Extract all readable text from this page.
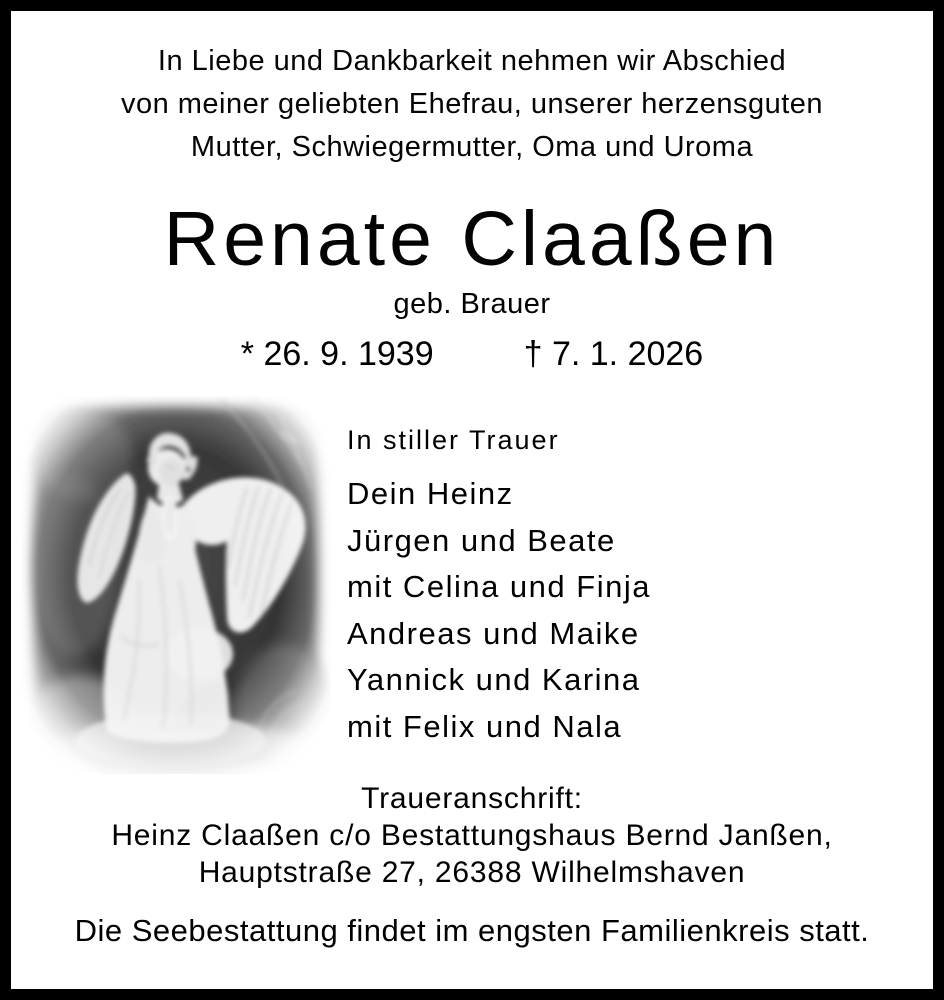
In Liebe und Dankbarkeit nehmen wir Abschied
von meiner geliebten Ehefrau, unserer herzensguten
Mutter, Schwiegermutter, Oma und Uroma
Renate Claaßen
geb. Brauer
* 26. 9. 1939	† 7. 1. 2026
In stiller Trauer
Dein Heinz
Jürgen und Beate
mit Celina und Finja
Andreas und Maike
Yannick und Karina
mit Felix und Nala
Traueranschrift:
Heinz Claaßen c/o Bestattungshaus Bernd Janßen,
Hauptstraße 27, 26388 Wilhelmshaven
Die Seebestattung findet im engsten Familienkreis statt.
